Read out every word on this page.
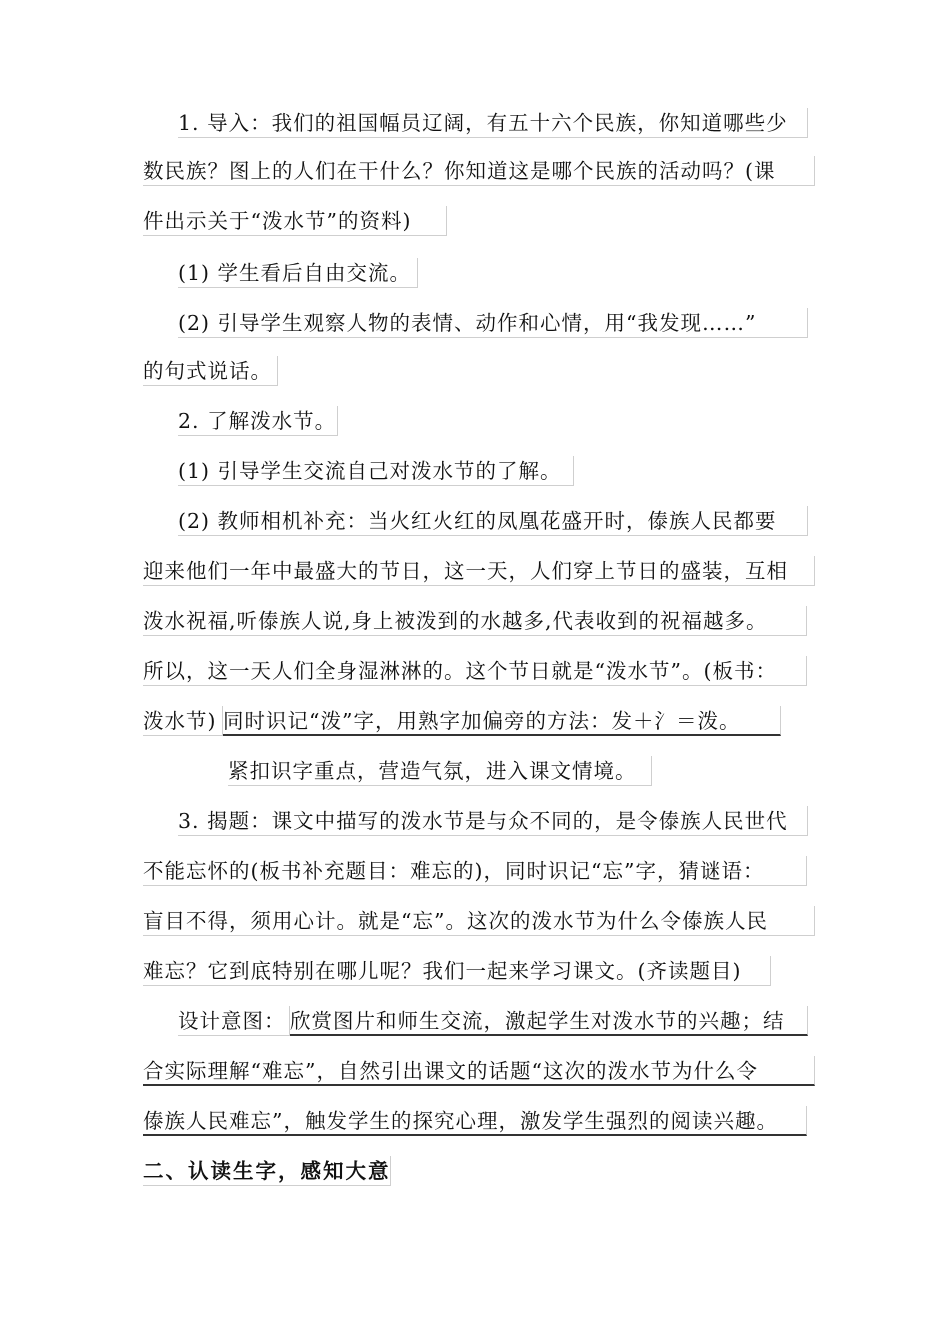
1. 导入：我们的祖国幅员辽阔，有五十六个民族，你知道哪些少
数民族？图上的人们在干什么？你知道这是哪个民族的活动吗？(课
件出示关于“泼水节”的资料)
(1) 学生看后自由交流。
(2) 引导学生观察人物的表情、动作和心情，用“我发现……”
的句式说话。
2. 了解泼水节。
(1) 引导学生交流自己对泼水节的了解。
(2) 教师相机补充：当火红火红的凤凰花盛开时，傣族人民都要
迎来他们一年中最盛大的节日，这一天，人们穿上节日的盛装，互相
泼水祝福,听傣族人说,身上被泼到的水越多,代表收到的祝福越多。
所以，这一天人们全身湿淋淋的。这个节日就是“泼水节”。(板书：
泼水节) 同时识记“泼”字，用熟字加偏旁的方法：发＋氵＝泼。
紧扣识字重点，营造气氛，进入课文情境。
3. 揭题：课文中描写的泼水节是与众不同的，是令傣族人民世代
不能忘怀的(板书补充题目：难忘的)，同时识记“忘”字，猜谜语：
盲目不得，须用心计。就是“忘”。这次的泼水节为什么令傣族人民
难忘？它到底特别在哪儿呢？我们一起来学习课文。(齐读题目)
设计意图： 欣赏图片和师生交流，激起学生对泼水节的兴趣；结
合实际理解“难忘”，自然引出课文的话题“这次的泼水节为什么令
傣族人民难忘”，触发学生的探究心理，激发学生强烈的阅读兴趣。
二、认读生字，感知大意
